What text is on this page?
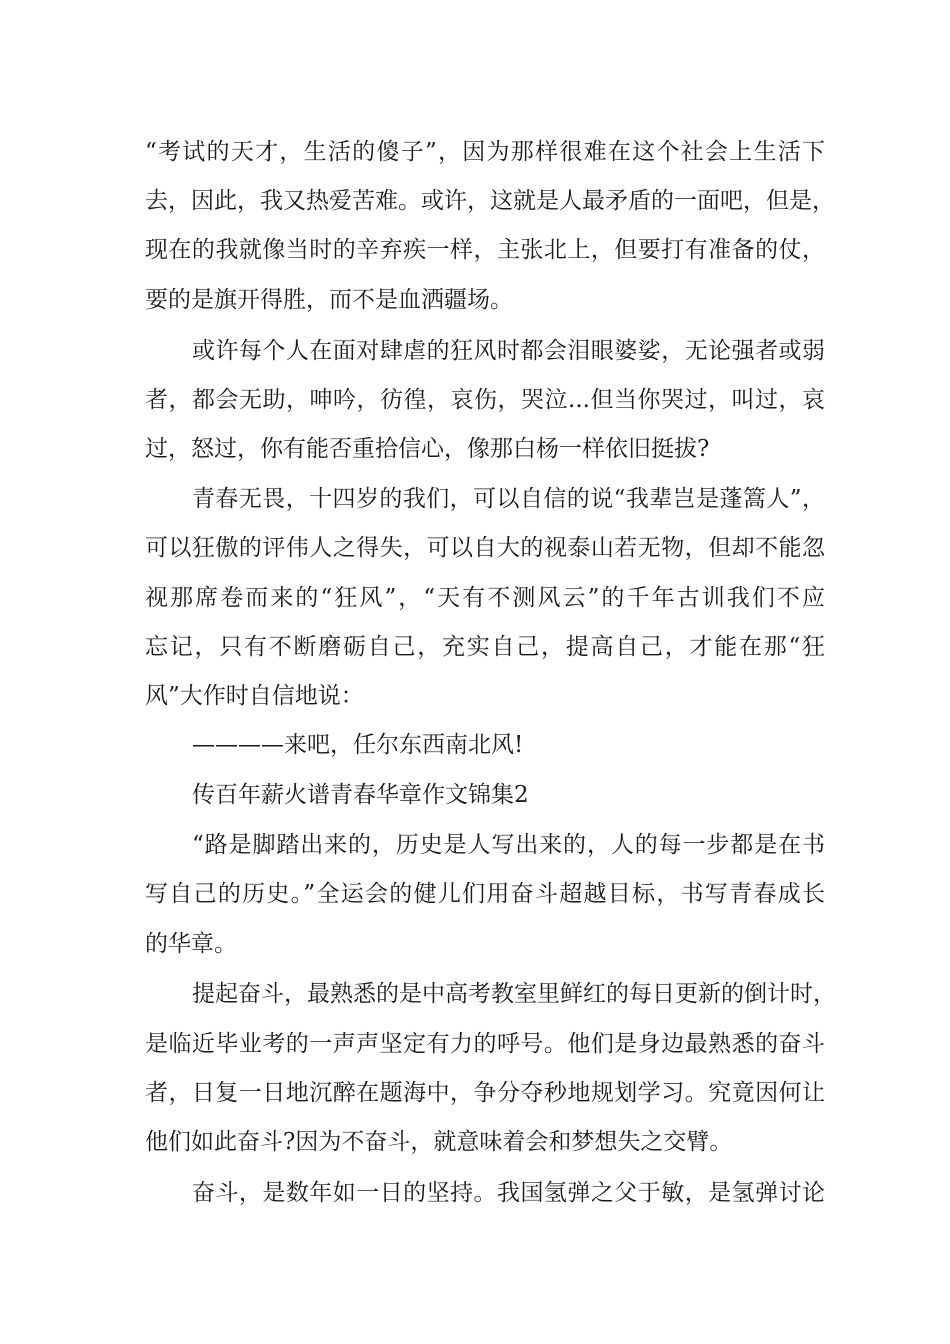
“考试的天才，生活的傻子”，因为那样很难在这个社会上生活下
去，因此，我又热爱苦难。或许，这就是人最矛盾的一面吧，但是，
现在的我就像当时的辛弃疾一样，主张北上，但要打有准备的仗，
要的是旗开得胜，而不是血洒疆场。
或许每个人在面对肆虐的狂风时都会泪眼婆娑，无论强者或弱
者，都会无助，呻吟，彷徨，哀伤，哭泣...但当你哭过，叫过，哀
过，怒过，你有能否重拾信心，像那白杨一样依旧挺拔?
青春无畏，十四岁的我们，可以自信的说“我辈岂是蓬篙人”，
可以狂傲的评伟人之得失，可以自大的视泰山若无物，但却不能忽
视那席卷而来的“狂风”，“天有不测风云”的千年古训我们不应
忘记，只有不断磨砺自己，充实自己，提高自己，才能在那“狂
风”大作时自信地说：
————来吧，任尔东西南北风!
传百年薪火谱青春华章作文锦集2
“路是脚踏出来的，历史是人写出来的，人的每一步都是在书
写自己的历史。”全运会的健儿们用奋斗超越目标，书写青春成长
的华章。
提起奋斗，最熟悉的是中高考教室里鲜红的每日更新的倒计时，
是临近毕业考的一声声坚定有力的呼号。他们是身边最熟悉的奋斗
者，日复一日地沉醉在题海中，争分夺秒地规划学习。究竟因何让
他们如此奋斗?因为不奋斗，就意味着会和梦想失之交臂。
奋斗，是数年如一日的坚持。我国氢弹之父于敏，是氢弹讨论
